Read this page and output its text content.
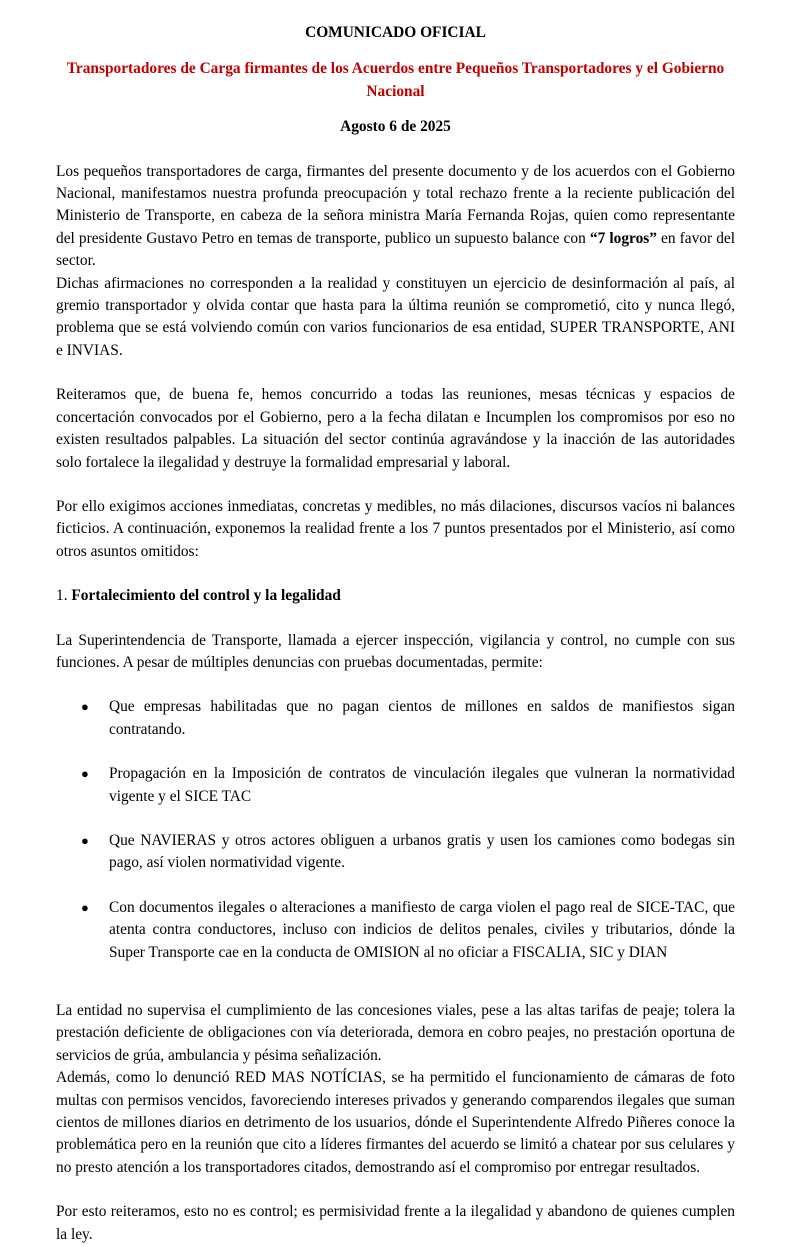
COMUNICADO OFICIAL

Transportadores de Carga firmantes de los Acuerdos entre Pequeños Transportadores y el Gobierno Nacional

Agosto 6 de 2025

Los pequeños transportadores de carga, firmantes del presente documento y de los acuerdos con el Gobierno Nacional, manifestamos nuestra profunda preocupación y total rechazo frente a la reciente publicación del Ministerio de Transporte, en cabeza de la señora ministra María Fernanda Rojas, quien como representante del presidente Gustavo Petro en temas de transporte, publico un supuesto balance con “7 logros” en favor del sector.

Dichas afirmaciones no corresponden a la realidad y constituyen un ejercicio de desinformación al país, al gremio transportador y olvida contar que hasta para la última reunión se comprometió, cito y nunca llegó, problema que se está volviendo común con varios funcionarios de esa entidad, SUPER TRANSPORTE, ANI e INVIAS.

Reiteramos que, de buena fe, hemos concurrido a todas las reuniones, mesas técnicas y espacios de concertación convocados por el Gobierno, pero a la fecha dilatan e Incumplen los compromisos por eso no existen resultados palpables. La situación del sector continúa agravándose y la inacción de las autoridades solo fortalece la ilegalidad y destruye la formalidad empresarial y laboral.

Por ello exigimos acciones inmediatas, concretas y medibles, no más dilaciones, discursos vacíos ni balances ficticios. A continuación, exponemos la realidad frente a los 7 puntos presentados por el Ministerio, así como otros asuntos omitidos:

1. Fortalecimiento del control y la legalidad

La Superintendencia de Transporte, llamada a ejercer inspección, vigilancia y control, no cumple con sus funciones. A pesar de múltiples denuncias con pruebas documentadas, permite:

● Que empresas habilitadas que no pagan cientos de millones en saldos de manifiestos sigan contratando.
● Propagación en la Imposición de contratos de vinculación ilegales que vulneran la normatividad vigente y el SICE TAC
● Que NAVIERAS y otros actores obliguen a urbanos gratis y usen los camiones como bodegas sin pago, así violen normatividad vigente.
● Con documentos ilegales o alteraciones a manifiesto de carga violen el pago real de SICE-TAC, que atenta contra conductores, incluso con indicios de delitos penales, civiles y tributarios, dónde la Super Transporte cae en la conducta de OMISION al no oficiar a FISCALIA, SIC y DIAN

La entidad no supervisa el cumplimiento de las concesiones viales, pese a las altas tarifas de peaje; tolera la prestación deficiente de obligaciones con vía deteriorada, demora en cobro peajes, no prestación oportuna de servicios de grúa, ambulancia y pésima señalización.

Además, como lo denunció RED MAS NOTÍCIAS, se ha permitido el funcionamiento de cámaras de foto multas con permisos vencidos, favoreciendo intereses privados y generando comparendos ilegales que suman cientos de millones diarios en detrimento de los usuarios, dónde el Superintendente Alfredo Piñeres conoce la problemática pero en la reunión que cito a líderes firmantes del acuerdo se limitó a chatear por sus celulares y no presto atención a los transportadores citados, demostrando así el compromiso por entregar resultados.

Por esto reiteramos, esto no es control; es permisividad frente a la ilegalidad y abandono de quienes cumplen la ley.
